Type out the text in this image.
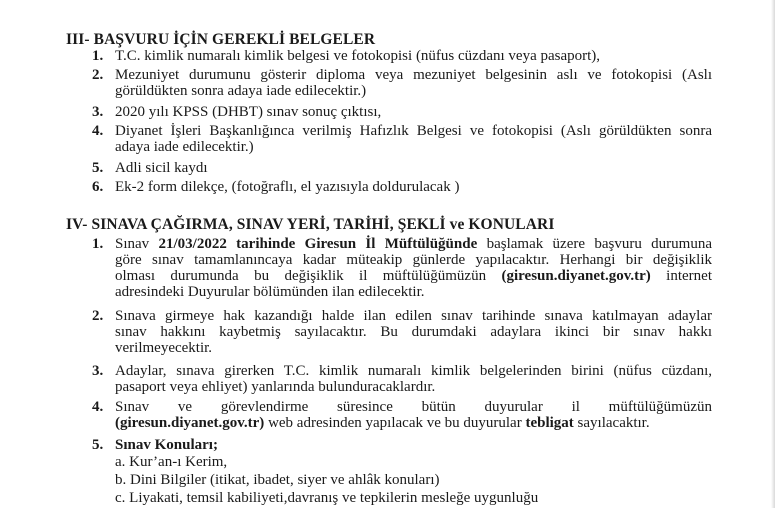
III- BAŞVURU İÇİN GEREKLİ BELGELER
1. T.C. kimlik numaralı kimlik belgesi ve fotokopisi (nüfus cüzdanı veya pasaport),
2. Mezuniyet durumunu gösterir diploma veya mezuniyet belgesinin aslı ve fotokopisi (Aslı
görüldükten sonra adaya iade edilecektir.)
3. 2020 yılı KPSS (DHBT) sınav sonuç çıktısı,
4. Diyanet İşleri Başkanlığınca verilmiş Hafızlık Belgesi ve fotokopisi (Aslı görüldükten sonra
adaya iade edilecektir.)
5. Adli sicil kaydı
6. Ek-2 form dilekçe, (fotoğraflı, el yazısıyla doldurulacak )
IV- SINAVA ÇAĞIRMA, SINAV YERİ, TARİHİ, ŞEKLİ ve KONULARI
1. Sınav 21/03/2022 tarihinde Giresun İl Müftülüğünde başlamak üzere başvuru durumuna
göre sınav tamamlanıncaya kadar müteakip günlerde yapılacaktır. Herhangi bir değişiklik
olması durumunda bu değişiklik il müftülüğümüzün (giresun.diyanet.gov.tr) internet
adresindeki Duyurular bölümünden ilan edilecektir.
2. Sınava girmeye hak kazandığı halde ilan edilen sınav tarihinde sınava katılmayan adaylar
sınav hakkını kaybetmiş sayılacaktır. Bu durumdaki adaylara ikinci bir sınav hakkı
verilmeyecektir.
3. Adaylar, sınava girerken T.C. kimlik numaralı kimlik belgelerinden birini (nüfus cüzdanı,
pasaport veya ehliyet) yanlarında bulunduracaklardır.
4. Sınav ve görevlendirme süresince bütün duyurular il müftülüğümüzün
(giresun.diyanet.gov.tr) web adresinden yapılacak ve bu duyurular tebligat sayılacaktır.
5. Sınav Konuları;
a. Kur’an-ı Kerim,
b. Dini Bilgiler (itikat, ibadet, siyer ve ahlâk konuları)
c. Liyakati, temsil kabiliyeti,davranış ve tepkilerin mesleğe uygunluğu
